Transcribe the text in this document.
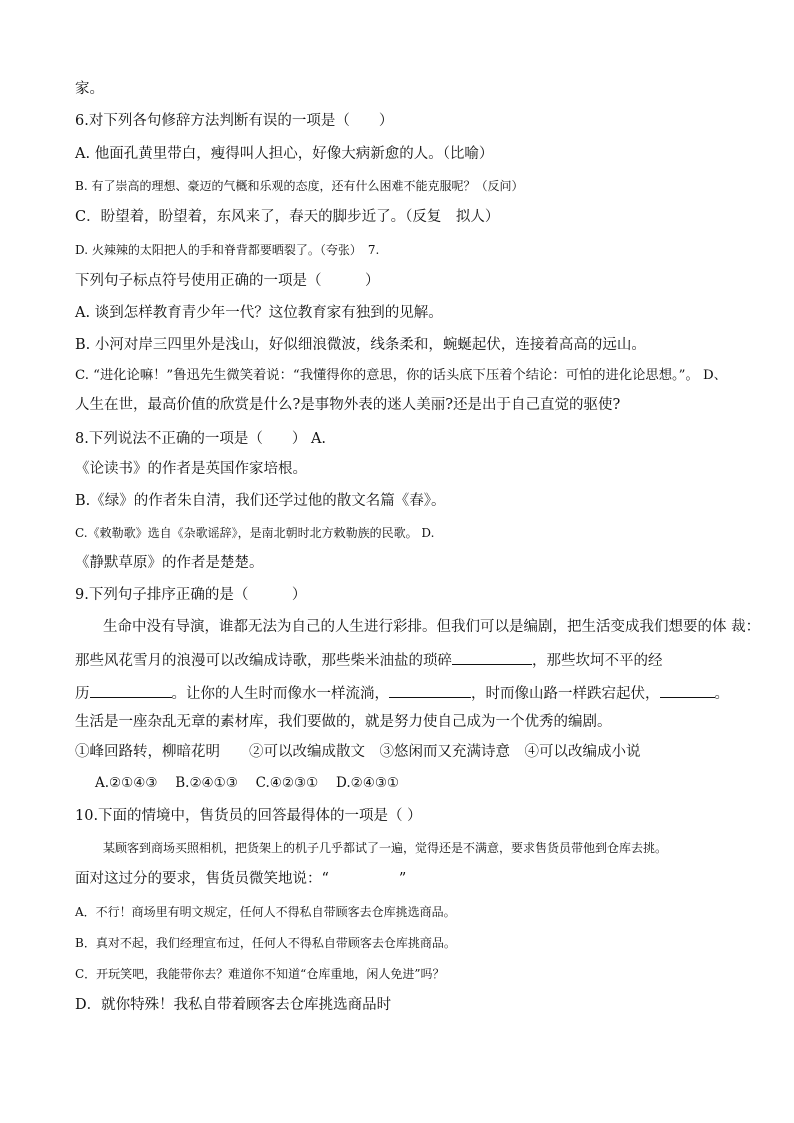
家。
6.对下列各句修辞方法判断有误的一项是（　　）
A. 他面孔黄里带白，瘦得叫人担心，好像大病新愈的人。（比喻）
B. 有了崇高的理想、豪迈的气概和乐观的态度，还有什么困难不能克服呢？（反问）
C．盼望着，盼望着，东风来了，春天的脚步近了。（反复　拟人）
D. 火辣辣的太阳把人的手和脊背都要晒裂了。（夸张）　7.
下列句子标点符号使用正确的一项是（　　　）
A. 谈到怎样教育青少年一代？这位教育家有独到的见解。
B. 小河对岸三四里外是浅山，好似细浪微波，线条柔和，蜿蜒起伏，连接着高高的远山。
C. “进化论嘛！”鲁迅先生微笑着说：“我懂得你的意思，你的话头底下压着个结论：可怕的进化论思想。”。 D、
人生在世，最高价值的欣赏是什么?是事物外表的迷人美丽?还是出于自己直觉的驱使?
8.下列说法不正确的一项是（　　） A.
《论读书》的作者是英国作家培根。
B.《绿》的作者朱自清，我们还学过他的散文名篇《春》。
C.《敕勒歌》选自《杂歌谣辞》，是南北朝时北方敕勒族的民歌。 D.
《静默草原》的作者是楚楚。
9.下列句子排序正确的是（　　　）
生命中没有导演，谁都无法为自己的人生进行彩排。但我们可以是编剧，把生活变成我们想要的体 裁：
那些风花雪月的浪漫可以改编成诗歌，那些柴米油盐的琐碎	，那些坎坷不平的经
历	。让你的人生时而像水一样流淌，	，时而像山路一样跌宕起伏，	。
生活是一座杂乱无章的素材库，我们要做的，就是努力使自己成为一个优秀的编剧。
①峰回路转，柳暗花明　　②可以改编成散文　③悠闲而又充满诗意　④可以改编成小说
A.②①④③　 B.②④①③　 C.④②③①　 D.②④③①
10.下面的情境中，售货员的回答最得体的一项是（ ）
某顾客到商场买照相机，把货架上的机子几乎都试了一遍，觉得还是不满意，要求售货员带他到仓库去挑。
面对这过分的要求，售货员微笑地说：“	”
A．不行！商场里有明文规定，任何人不得私自带顾客去仓库挑选商品。
B．真对不起，我们经理宣布过，任何人不得私自带顾客去仓库挑商品。
C．开玩笑吧，我能带你去？难道你不知道“仓库重地，闲人免进”吗？
D．就你特殊！我私自带着顾客去仓库挑选商品时
